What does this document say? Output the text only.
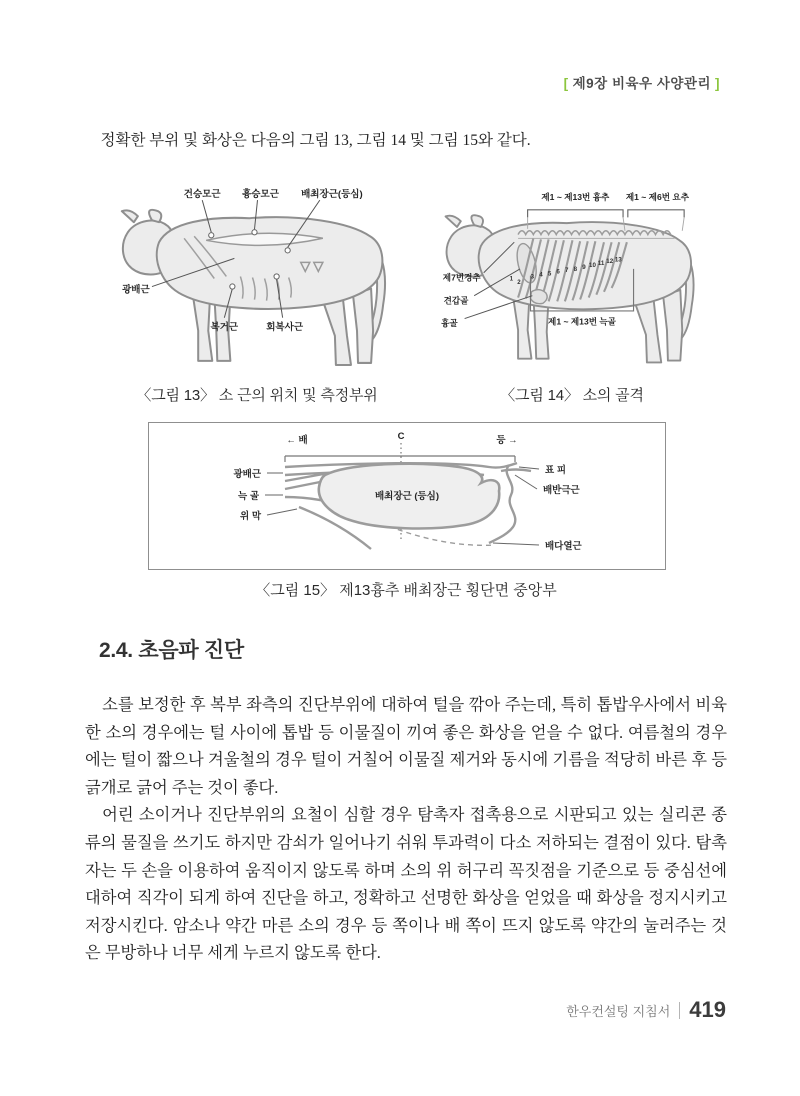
[ 제9장 비육우 사양관리 ]
정확한 부위 및 화상은 다음의 그림 13, 그림 14 및 그림 15와 같다.
건승모근 흉승모근 배최장근(등심)
광배근
복거근	회복사근
〈그림 13〉 소 근의 위치 및 측정부위
1
2
3 4 5 6 7 8 9 10 11 12 13
제1 ~ 제13번 흉추 제1 ~ 제6번 요추
제7번경추
견갑골
흉골	제1 ~ 제13번 늑골
〈그림 14〉 소의 골격
← 배	C	등 →
광배근
늑 골
위 막
배최장근 (등심)
표 피
배반극근
배다열근
〈그림 15〉 제13흉추 배최장근 횡단면 중앙부
2.4. 초음파 진단

소를 보정한 후 복부 좌측의 진단부위에 대하여 털을 깎아 주는데, 특히 톱밥우사에서 비육한 소의 경우에는 털 사이에 톱밥 등 이물질이 끼여 좋은 화상을 얻을 수 없다. 여름철의 경우에는 털이 짧으나 겨울철의 경우 털이 거칠어 이물질 제거와 동시에 기름을 적당히 바른 후 등긁개로 긁어 주는 것이 좋다.

어린 소이거나 진단부위의 요철이 심할 경우 탐촉자 접촉용으로 시판되고 있는 실리콘 종류의 물질을 쓰기도 하지만 감쇠가 일어나기 쉬워 투과력이 다소 저하되는 결점이 있다. 탐촉자는 두 손을 이용하여 움직이지 않도록 하며 소의 위 허구리 꼭짓점을 기준으로 등 중심선에 대하여 직각이 되게 하여 진단을 하고, 정확하고 선명한 화상을 얻었을 때 화상을 정지시키고 저장시킨다. 암소나 약간 마른 소의 경우 등 쪽이나 배 쪽이 뜨지 않도록 약간의 눌러주는 것은 무방하나 너무 세게 누르지 않도록 한다.

한우컨설팅 지침서 419
